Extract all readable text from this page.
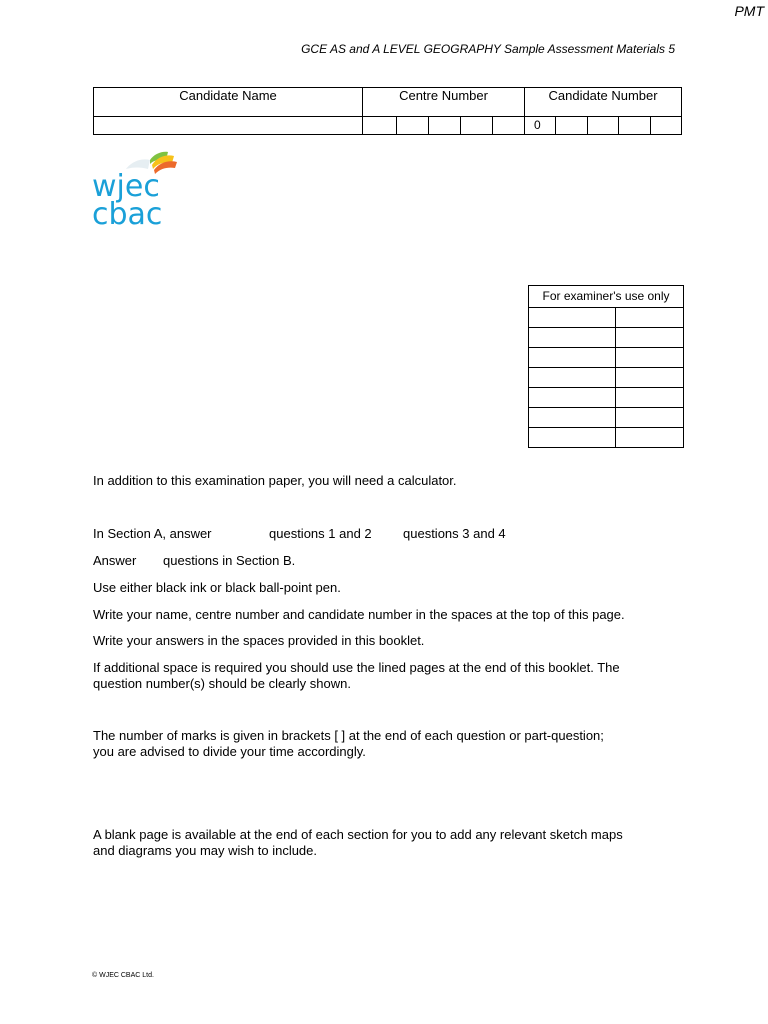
PMT
GCE AS and A LEVEL GEOGRAPHY Sample Assessment Materials 5
Candidate Name	Centre Number					Candidate Number				
						0				
wjec
cbac
For examiner's use only	

In addition to this examination paper, you will need a calculator.
In Section A, answer	questions 1 and 2 questions 3 and 4
Answer questions in Section B.
Use either black ink or black ball-point pen.
Write your name, centre number and candidate number in the spaces at the top of this page.
Write your answers in the spaces provided in this booklet.
If additional space is required you should use the lined pages at the end of this booklet. The
question number(s) should be clearly shown.
The number of marks is given in brackets [ ] at the end of each question or part-question;
you are advised to divide your time accordingly.
A blank page is available at the end of each section for you to add any relevant sketch maps
and diagrams you may wish to include.
© WJEC CBAC Ltd.
